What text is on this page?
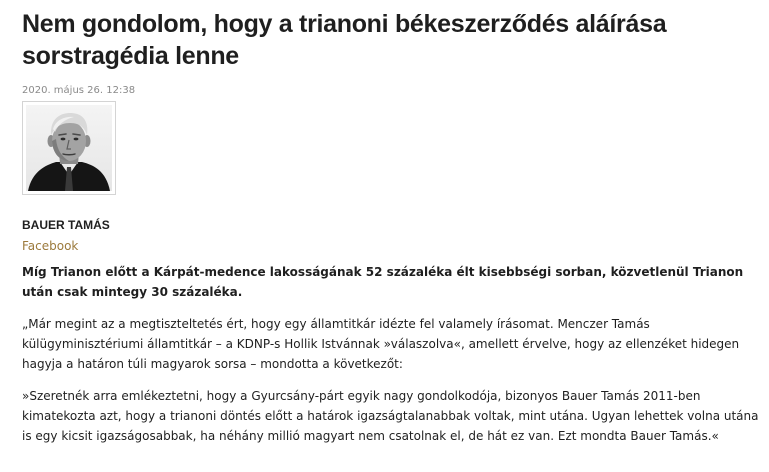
Nem gondolom, hogy a trianoni békeszerződés aláírása sorstragédia lenne
2020. május 26. 12:38
BAUER TAMÁS
Facebook

Míg Trianon előtt a Kárpát-medence lakosságának 52 százaléka élt kisebbségi sorban, közvetlenül Trianon után csak mintegy 30 százaléka.

„Már megint az a megtiszteltetés ért, hogy egy államtitkár idézte fel valamely írásomat. Menczer Tamás külügyminisztériumi államtitkár – a KDNP-s Hollik Istvánnak »válaszolva«, amellett érvelve, hogy az ellenzéket hidegen hagyja a határon túli magyarok sorsa – mondotta a következőt:

»Szeretnék arra emlékeztetni, hogy a Gyurcsány-párt egyik nagy gondolkodója, bizonyos Bauer Tamás 2011-ben kimatekozta azt, hogy a trianoni döntés előtt a határok igazságtalanabbak voltak, mint utána. Ugyan lehettek volna utána is egy kicsit igazságosabbak, ha néhány millió magyart nem csatolnak el, de hát ez van. Ezt mondta Bauer Tamás.«
